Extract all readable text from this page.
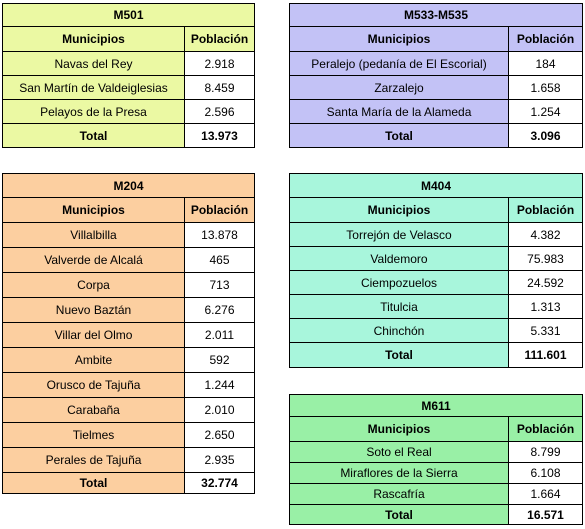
M501	
Municipios	Población
Navas del Rey	2.918
San Martín de Valdeiglesias	8.459
Pelayos de la Presa	2.596
Total	13.973
M533-M535	
Municipios	Población
Peralejo (pedanía de El Escorial)	184
Zarzalejo	1.658
Santa María de la Alameda	1.254
Total	3.096
M204	
Municipios	Población
Villalbilla	13.878
Valverde de Alcalá	465
Corpa	713
Nuevo Baztán	6.276
Villar del Olmo	2.011
Ambite	592
Orusco de Tajuña	1.244
Carabaña	2.010
Tielmes	2.650
Perales de Tajuña	2.935
Total	32.774
M404	
Municipios	Población
Torrejón de Velasco	4.382
Valdemoro	75.983
Ciempozuelos	24.592
Titulcia	1.313
Chinchón	5.331
Total	111.601
M611	
Municipios	Población
Soto el Real	8.799
Miraflores de la Sierra	6.108
Rascafría	1.664
Total	16.571
